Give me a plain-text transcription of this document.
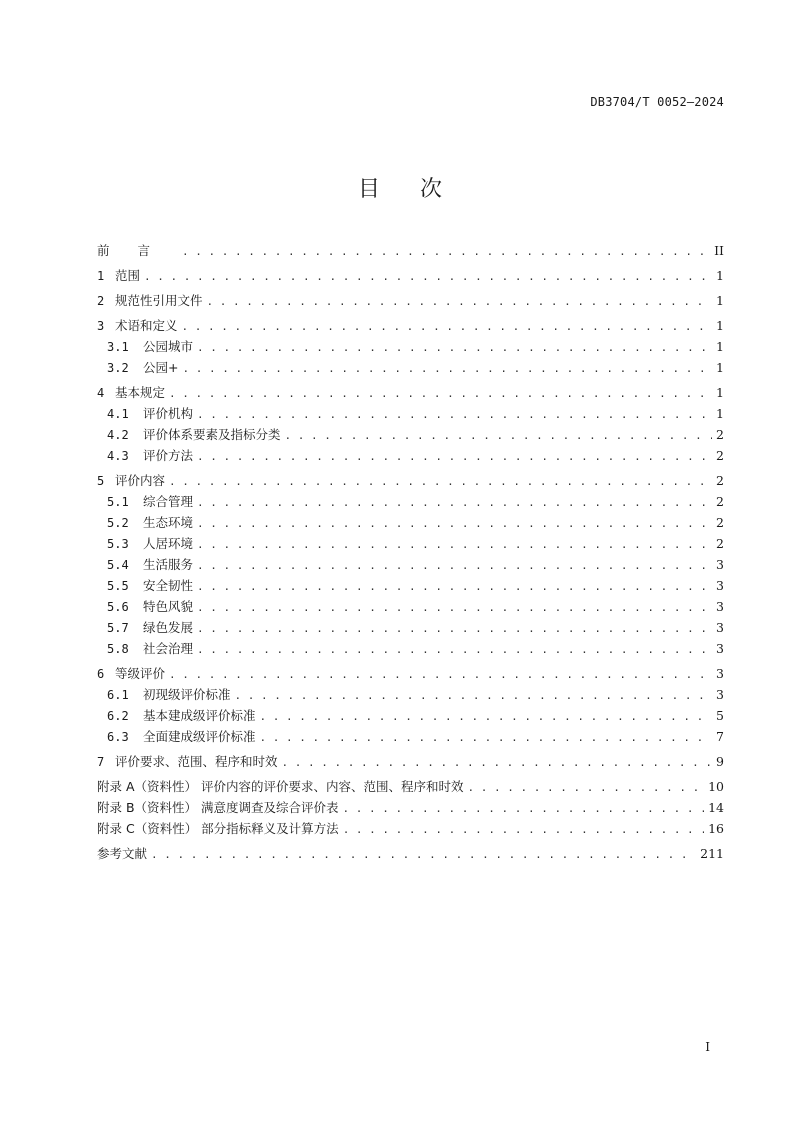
DB3704/T 0052—2024
目 次
前言 . . .	II
1 范围 . . .	1
2 规范性引用文件 . . .	1
3 术语和定义 . . .	1
3.1	公园城市 . . .	1
3.2	公园+ . . .	1
4 基本规定 . . .	1
4.1	评价机构 . . .	1
4.2	评价体系要素及指标分类 . . .	2
4.3	评价方法 . . .	2
5 评价内容 . . .	2
5.1	综合管理 . . .	2
5.2	生态环境 . . .	2
5.3	人居环境 . . .	2
5.4	生活服务 . . .	3
5.5	安全韧性 . . .	3
5.6	特色风貌 . . .	3
5.7	绿色发展 . . .	3
5.8	社会治理 . . .	3
6 等级评价 . . .	3
6.1	初现级评价标准 . . .	3
6.2	基本建成级评价标准 . . .	5
6.3	全面建成级评价标准 . . .	7
7 评价要求、范围、程序和时效 . . .	9
附录 A（资料性） 评价内容的评价要求、内容、范围、程序和时效 . . .	10
附录 B（资料性） 满意度调查及综合评价表 . . .	14
附录 C（资料性） 部分指标释义及计算方法 . . .	16
参考文献 . . .	211
I
